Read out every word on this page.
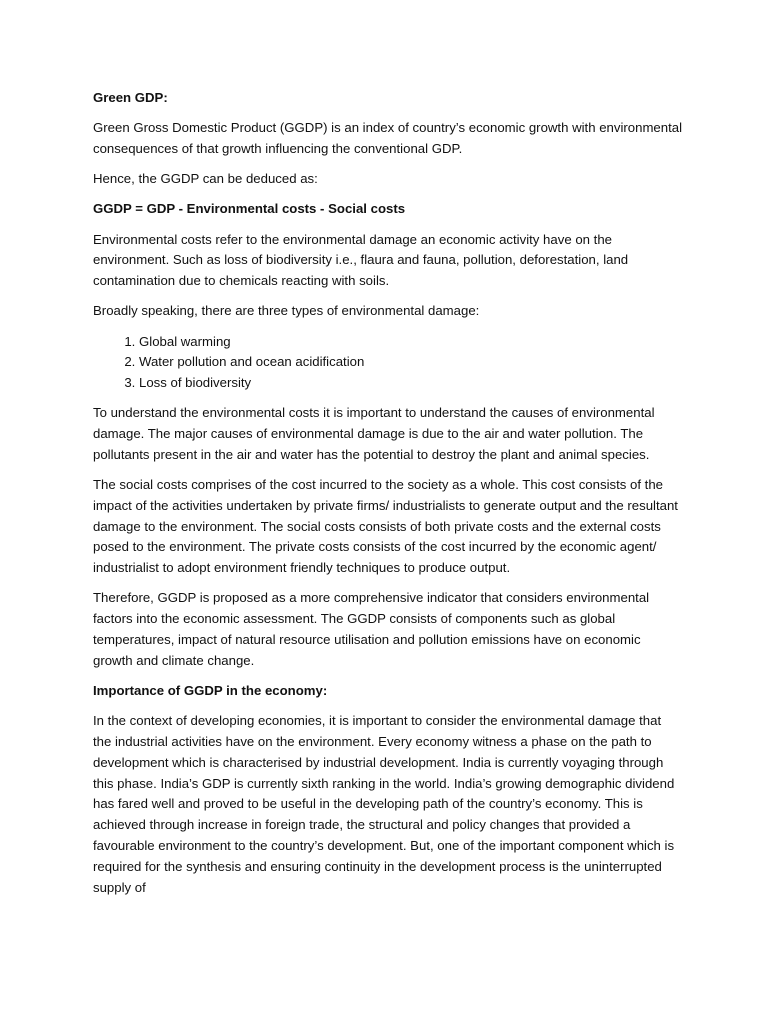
Green GDP:

Green Gross Domestic Product (GGDP) is an index of country’s economic growth with environmental consequences of that growth influencing the conventional GDP.

Hence, the GGDP can be deduced as:

GGDP = GDP - Environmental costs - Social costs

Environmental costs refer to the environmental damage an economic activity have on the environment. Such as loss of biodiversity i.e., flaura and fauna, pollution, deforestation, land contamination due to chemicals reacting with soils.

Broadly speaking, there are three types of environmental damage:

1. Global warming
2. Water pollution and ocean acidification
3. Loss of biodiversity

To understand the environmental costs it is important to understand the causes of environmental damage. The major causes of environmental damage is due to the air and water pollution. The pollutants present in the air and water has the potential to destroy the plant and animal species.

The social costs comprises of the cost incurred to the society as a whole. This cost consists of the impact of the activities undertaken by private firms/ industrialists to generate output and the resultant damage to the environment. The social costs consists of both private costs and the external costs posed to the environment. The private costs consists of the cost incurred by the economic agent/ industrialist to adopt environment friendly techniques to produce output.

Therefore, GGDP is proposed as a more comprehensive indicator that considers environmental factors into the economic assessment. The GGDP consists of components such as global temperatures, impact of natural resource utilisation and pollution emissions have on economic growth and climate change.

Importance of GGDP in the economy:

In the context of developing economies, it is important to consider the environmental damage that the industrial activities have on the environment. Every economy witness a phase on the path to development which is characterised by industrial development. India is currently voyaging through this phase. India’s GDP is currently sixth ranking in the world. India’s growing demographic dividend has fared well and proved to be useful in the developing path of the country’s economy. This is achieved through increase in foreign trade, the structural and policy changes that provided a favourable environment to the country’s development. But, one of the important component which is required for the synthesis and ensuring continuity in the development process is the uninterrupted supply of
